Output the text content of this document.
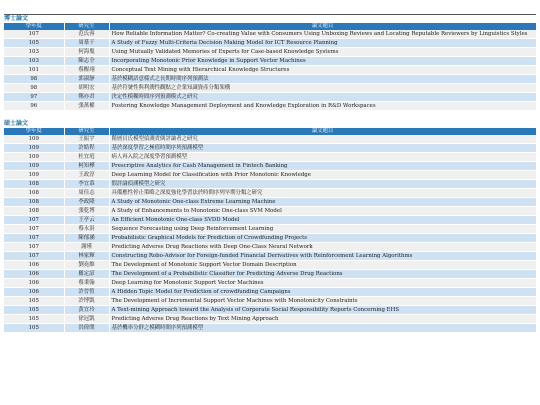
博士論文
學年度	研究生	論文題目
107	范氏蓉	How Reliable Information Matter? Co-creating Value with Consumers Using Unboxing Reviews and Locating Reputable Reviewers by Linguistics Styles
105	周羣千	A Study of Fuzzy Multi-Criteria Decision Making Model for ICT Resource Planning
103	何海胤	Using Mutually Validated Memories of Experts for Case-based Knowledge Systems
103	陳志全	Incorporating Monotonic Prior Knowledge in Support Vector Machines
101	蔡醒翊	Conceptual Text Mining with Hierarchical Knowledge Structures
98	郭淑靜	基於模糊語意樣式之長期時間序列預測法
98	胡明宏	基於符號性與利潤性觀點之企業知識資產分類架構
97	鄭亦君	決定性模糊時間序列預測模式之研究
96	張萬權	Fostering Knowledge Management Deployment and Knowledge Exploration in R&D Workspaces
碩士論文
學年度	研究生	論文題目
109	王振宇	階層貝氏模型偵測責倒評論者之研究
109	許皓程	基於深度學習之極值時間序列預測模型
109	杜宜庭	病人再入院之深度學習預測模型
109	柯知樺	Prescriptive Analytics for Cash Management in Fintech Banking
109	王政淳	Deep Learning Model for Classification with Prior Monotonic Knowledge
108	李宜慕	假評論偵測模型之研究
108	周佳志	具備應性停止策略之深度強化學習法於時間序列早期分類之研究
108	李政隆	A Study of Monotonic One-class Extreme Learning Machine
108	張乾博	A Study of Enhancements to Monotonic One-class SVM Model
107	王亭云	An Efficient Monotonic One-class SVDD Model
107	蔡永涓	Sequence Forecasting using Deep Reinforcement Learning
107	陳郁涵	Probabilistic Graphical Models for Prediction of Crowdfunding Projects
107	謝瑾	Predicting Adverse Drug Reactions with Deep One-Class Neural Network
107	林家輝	Constructing Robo-Advisor for Foreign-funded Financial Derivatives with Reinforcement Learning Algorithms
106	劉堯維	The Development of Monotonic Support Vector Domain Description
106	羅定諺	The Development of a Probabilistic Classifier for Predicting Adverse Drug Reactions
106	蔡秉翰	Deep Learning for Monotonic Support Vector Machines
106	許晉愷	A Hidden Topic Model for Prediction of crowdfunding Campaigns
105	許博凱	The Development of Incremental Support Vector Machines with Monotonicity Constraints
105	黃宜玲	A Text-mining Approach toward the Analysis of Corporate Social Responsibility Reports Concerning EHS
105	徐冠凱	Predicting Adverse Drug Reactions by Text Mining Approach
105	洪偉閔	基於機率分群之模糊時間序列預測模型
